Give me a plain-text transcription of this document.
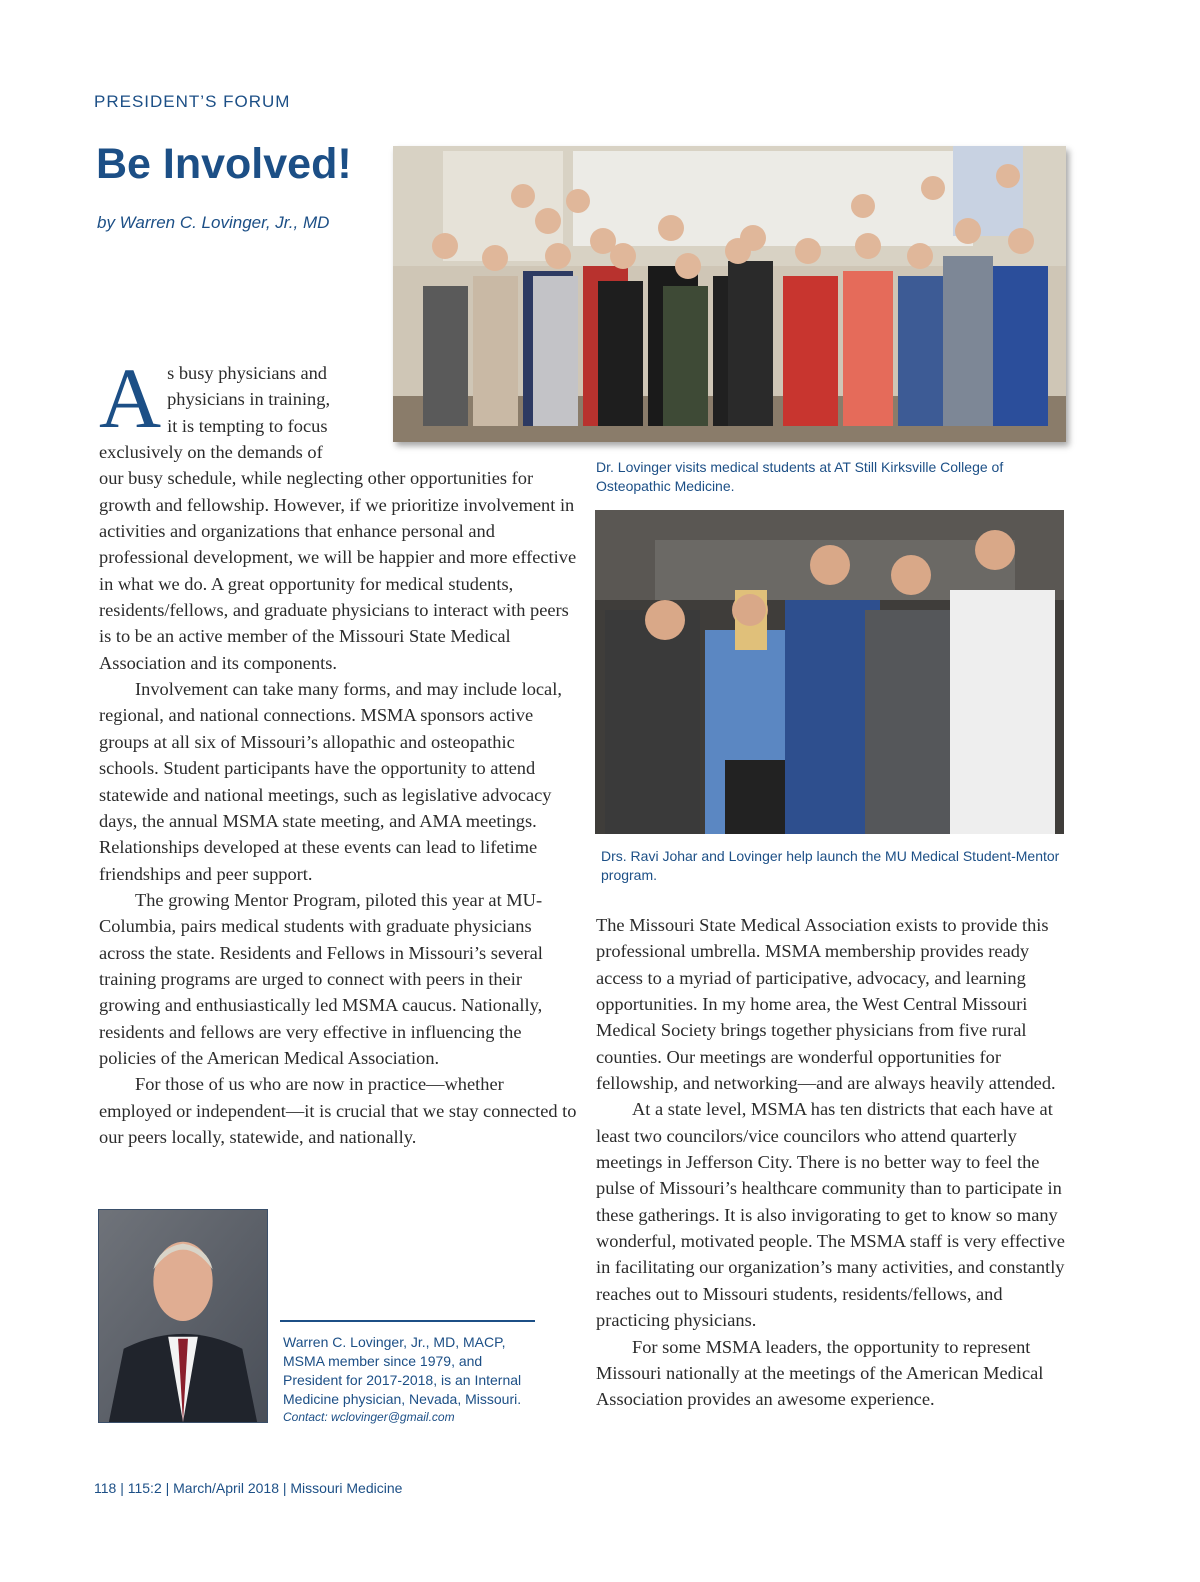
PRESIDENT’S FORUM
Be Involved!
by Warren C. Lovinger, Jr., MD
Dr. Lovinger visits medical students at AT Still Kirksville College of Osteopathic Medicine.
Drs. Ravi Johar and Lovinger help launch the MU Medical Student-Mentor program.

As busy physicians and physicians in training, it is tempting to focus exclusively on the demands of our busy schedule, while neglecting other opportunities for growth and fellowship. However, if we prioritize involvement in activities and organizations that enhance personal and professional development, we will be happier and more effective in what we do. A great opportunity for medical students, residents/fellows, and graduate physicians to interact with peers is to be an active member of the Missouri State Medical Association and its components.

Involvement can take many forms, and may include local, regional, and national connections. MSMA sponsors active groups at all six of Missouri’s allopathic and osteopathic schools. Student participants have the opportunity to attend statewide and national meetings, such as legislative advocacy days, the annual MSMA state meeting, and AMA meetings. Relationships developed at these events can lead to lifetime friendships and peer support.

The growing Mentor Program, piloted this year at MU-Columbia, pairs medical students with graduate physicians across the state. Residents and Fellows in Missouri’s several training programs are urged to connect with peers in their growing and enthusiastically led MSMA caucus. Nationally, residents and fellows are very effective in influencing the policies of the American Medical Association.

For those of us who are now in practice—whether employed or independent—it is crucial that we stay connected to our peers locally, statewide, and nationally.

The Missouri State Medical Association exists to provide this professional umbrella. MSMA membership provides ready access to a myriad of participative, advocacy, and learning opportunities. In my home area, the West Central Missouri Medical Society brings together physicians from five rural counties. Our meetings are wonderful opportunities for fellowship, and networking—and are always heavily attended.

At a state level, MSMA has ten districts that each have at least two councilors/vice councilors who attend quarterly meetings in Jefferson City. There is no better way to feel the pulse of Missouri’s healthcare community than to participate in these gatherings. It is also invigorating to get to know so many wonderful, motivated people. The MSMA staff is very effective in facilitating our organization’s many activities, and constantly reaches out to Missouri students, residents/fellows, and practicing physicians.

For some MSMA leaders, the opportunity to represent Missouri nationally at the meetings of the American Medical Association provides an awesome experience.

Warren C. Lovinger, Jr., MD, MACP, MSMA member since 1979, and President for 2017-2018, is an Internal Medicine physician, Nevada, Missouri.
Contact: wclovinger@gmail.com
118 | 115:2 | March/April 2018 | Missouri Medicine
